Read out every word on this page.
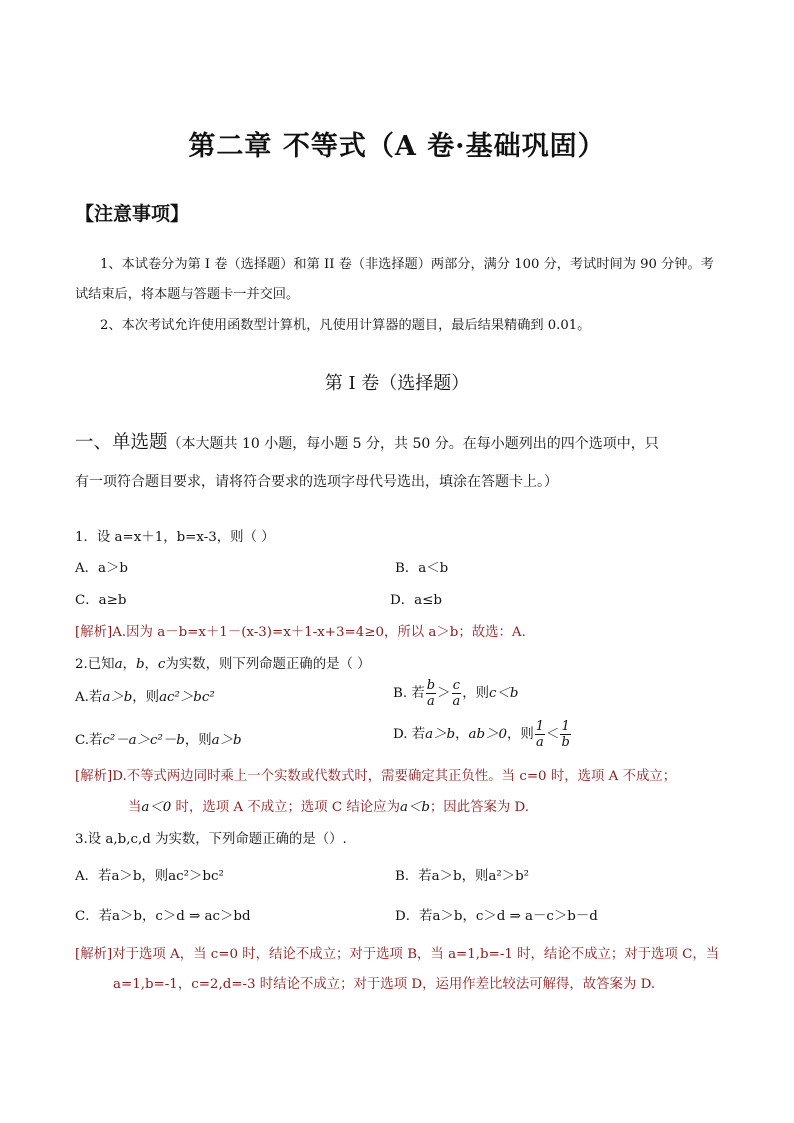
第二章 不等式（A 卷·基础巩固）
【注意事项】
1、本试卷分为第 I 卷（选择题）和第 II 卷（非选择题）两部分，满分 100 分，考试时间为 90 分钟。考
试结束后，将本题与答题卡一并交回。
2、本次考试允许使用函数型计算机，凡使用计算器的题目，最后结果精确到 0.01。
第 I 卷（选择题）
一、单选题（本大题共 10 小题，每小题 5 分，共 50 分。在每小题列出的四个选项中，只
有一项符合题目要求，请将符合要求的选项字母代号选出，填涂在答题卡上。）
1．设 a=x＋1，b=x-3，则（ ）
A．a＞b	B．a＜b
C．a≥b	D．a≤b
[解析]A.因为 a－b=x＋1－(x-3)=x＋1-x+3=4≥0，所以 a＞b；故选：A.
2.已知a，b，c为实数，则下列命题正确的是（ ）
A.若a＞b，则ac²＞bc²	B. 若 $\frac{b}{a} > \frac{c}{a}$ ，则c＜b
C.若c²－a＞c²－b，则a＞b	D. 若a＞b，ab＞0，则 $\frac{1}{a} < \frac{1}{b}$
[解析]D.不等式两边同时乘上一个实数或代数式时，需要确定其正负性。当 c=0 时，选项 A 不成立；
当a＜0 时，选项 A 不成立；选项 C 结论应为a＜b；因此答案为 D.
3.设 a,b,c,d 为实数，下列命题正确的是（）.
A．若a＞b，则ac²＞bc²	B．若a＞b，则a²＞b²
C．若a＞b，c＞d ⇒ ac＞bd	D．若a＞b，c＞d ⇒ a－c＞b－d
[解析]对于选项 A，当 c=0 时，结论不成立；对于选项 B，当 a=1,b=-1 时，结论不成立；对于选项 C，当
a=1,b=-1，c=2,d=-3 时结论不成立；对于选项 D，运用作差比较法可解得，故答案为 D.
